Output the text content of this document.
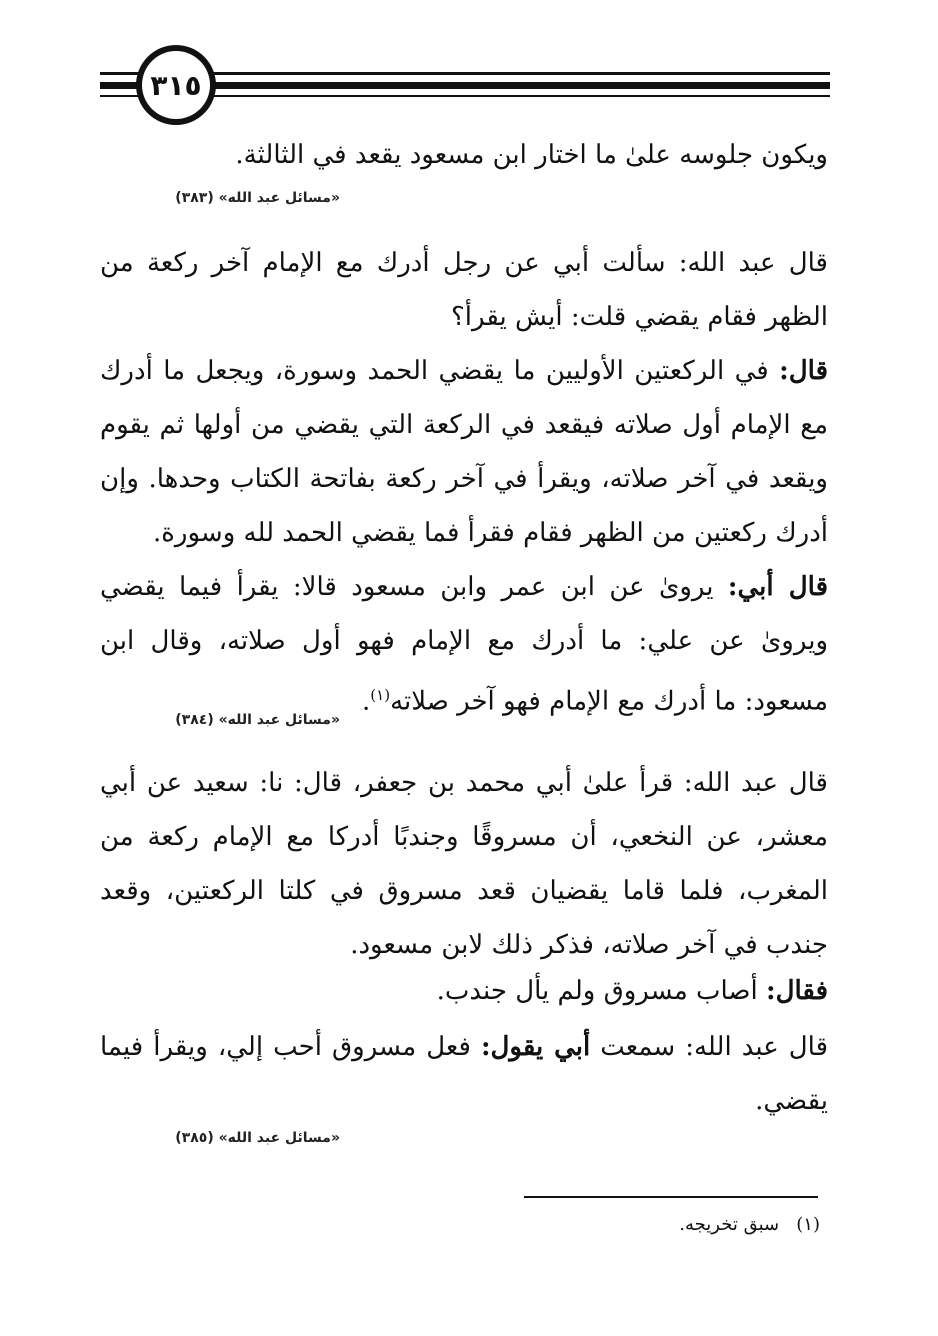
٣١٥
ويكون جلوسه علىٰ ما اختار ابن مسعود يقعد في الثالثة.
«مسائل عبد الله» (٣٨٣)
قال عبد الله: سألت أبي عن رجل أدرك مع الإمام آخر ركعة من الظهر فقام يقضي قلت: أيش يقرأ؟
قال: في الركعتين الأوليين ما يقضي الحمد وسورة، ويجعل ما أدرك مع الإمام أول صلاته فيقعد في الركعة التي يقضي من أولها ثم يقوم ويقعد في آخر صلاته، ويقرأ في آخر ركعة بفاتحة الكتاب وحدها. وإن أدرك ركعتين من الظهر فقام فقرأ فما يقضي الحمد لله وسورة.
قال أبي: يروىٰ عن ابن عمر وابن مسعود قالا: يقرأ فيما يقضي ويروىٰ عن علي: ما أدرك مع الإمام فهو أول صلاته، وقال ابن مسعود: ما أدرك مع الإمام فهو آخر صلاته$^{(١)}$.
«مسائل عبد الله» (٣٨٤)
قال عبد الله: قرأ علىٰ أبي محمد بن جعفر، قال: نا: سعيد عن أبي معشر، عن النخعي، أن مسروقًا وجندبًا أدركا مع الإمام ركعة من المغرب، فلما قاما يقضيان قعد مسروق في كلتا الركعتين، وقعد جندب في آخر صلاته، فذكر ذلك لابن مسعود.
فقال: أصاب مسروق ولم يأل جندب.
قال عبد الله: سمعت أبي يقول: فعل مسروق أحب إلي، ويقرأ فيما يقضي.
«مسائل عبد الله» (٣٨٥)
(١)   سبق تخريجه.
